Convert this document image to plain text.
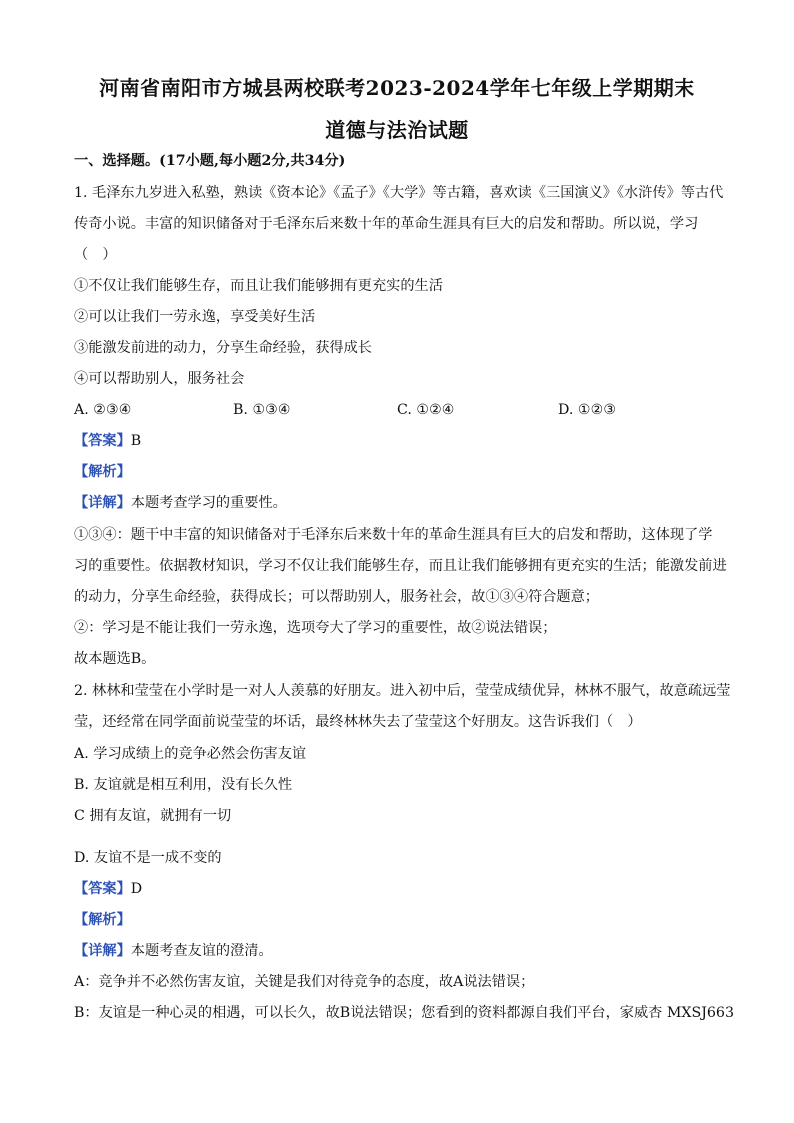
河南省南阳市方城县两校联考2023-2024学年七年级上学期期末
道德与法治试题
一、选择题。(17小题,每小题2分,共34分)
1. 毛泽东九岁进入私塾，熟读《资本论》《孟子》《大学》等古籍，喜欢读《三国演义》《水浒传》等古代
传奇小说。丰富的知识储备对于毛泽东后来数十年的革命生涯具有巨大的启发和帮助。所以说，学习
（　）
①不仅让我们能够生存，而且让我们能够拥有更充实的生活
②可以让我们一劳永逸，享受美好生活
③能激发前进的动力，分享生命经验，获得成长
④可以帮助别人，服务社会
A. ②③④	B. ①③④	C. ①②④	D. ①②③
【答案】B
【解析】
【详解】本题考查学习的重要性。
①③④：题干中丰富的知识储备对于毛泽东后来数十年的革命生涯具有巨大的启发和帮助，这体现了学
习的重要性。依据教材知识，学习不仅让我们能够生存，而且让我们能够拥有更充实的生活；能激发前进
的动力，分享生命经验，获得成长；可以帮助别人，服务社会，故①③④符合题意；
②：学习是不能让我们一劳永逸，选项夸大了学习的重要性，故②说法错误；
故本题选B。
2. 林林和莹莹在小学时是一对人人羡慕的好朋友。进入初中后，莹莹成绩优异，林林不服气，故意疏远莹
莹，还经常在同学面前说莹莹的坏话，最终林林失去了莹莹这个好朋友。这告诉我们（　）
A. 学习成绩上的竞争必然会伤害友谊
B. 友谊就是相互利用，没有长久性
C 拥有友谊，就拥有一切
D. 友谊不是一成不变的
【答案】D
【解析】
【详解】本题考查友谊的澄清。
A：竞争并不必然伤害友谊，关键是我们对待竞争的态度，故A说法错误；
B：友谊是一种心灵的相遇，可以长久，故B说法错误；您看到的资料都源自我们平台，家威杏 MXSJ663
